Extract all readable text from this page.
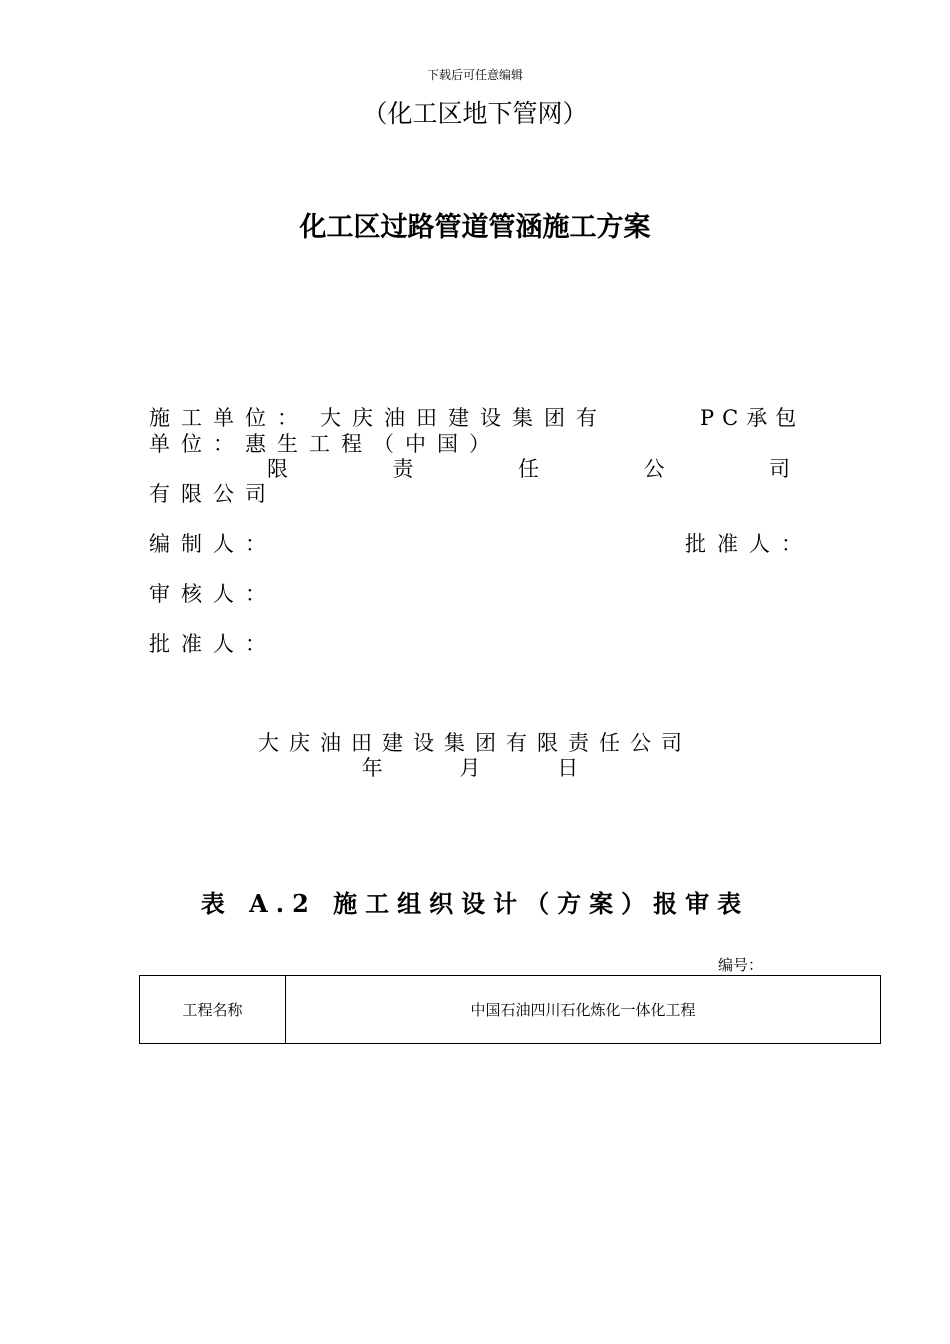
下载后可任意编辑
（化工区地下管网）
化工区过路管道管涵施工方案
施工单位： 大庆油田建设集团有	PC承包
单位：惠生工程（中国）
限	责	任	公	司
有限公司
编制人：	批准人：
审核人：
批准人：
大庆油田建设集团有限责任公司
年    月    日
表 A.2 施工组织设计（方案）报审表
编号：
工程名称	中国石油四川石化炼化一体化工程
